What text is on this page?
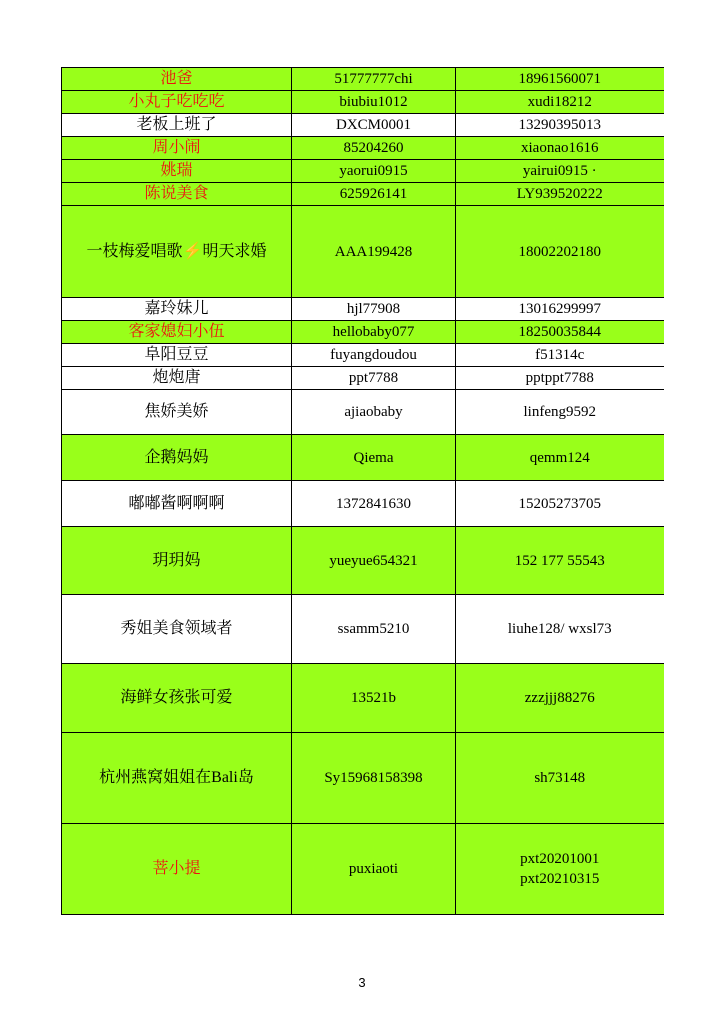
池爸	51777777chi	18961560071
小丸子吃吃吃	biubiu1012	xudi18212
老板上班了	DXCM0001	13290395013
周小闹	85204260	xiaonao1616
姚瑞	yaorui0915	yairui0915 ·
陈说美食	625926141	LY939520222
一枝梅爱唱歌⚡明天求婚	AAA199428	18002202180
嘉玲妹儿	hjl77908	13016299997
客家媳妇小伍	hellobaby077	18250035844
阜阳豆豆	fuyangdoudou	f51314c
炮炮唐	ppt7788	pptppt7788
焦娇美娇	ajiaobaby	linfeng9592
企鹅妈妈	Qiema	qemm124
嘟嘟酱啊啊啊	1372841630	15205273705
玥玥妈	yueyue654321	152 177 55543
秀姐美食领域者	ssamm5210	liuhe128/ wxsl73
海鲜女孩张可爱	13521b	zzzjjj88276
杭州燕窝姐姐在Bali岛	Sy15968158398	sh73148
菩小提	puxiaoti	pxt20201001
pxt20210315
3
